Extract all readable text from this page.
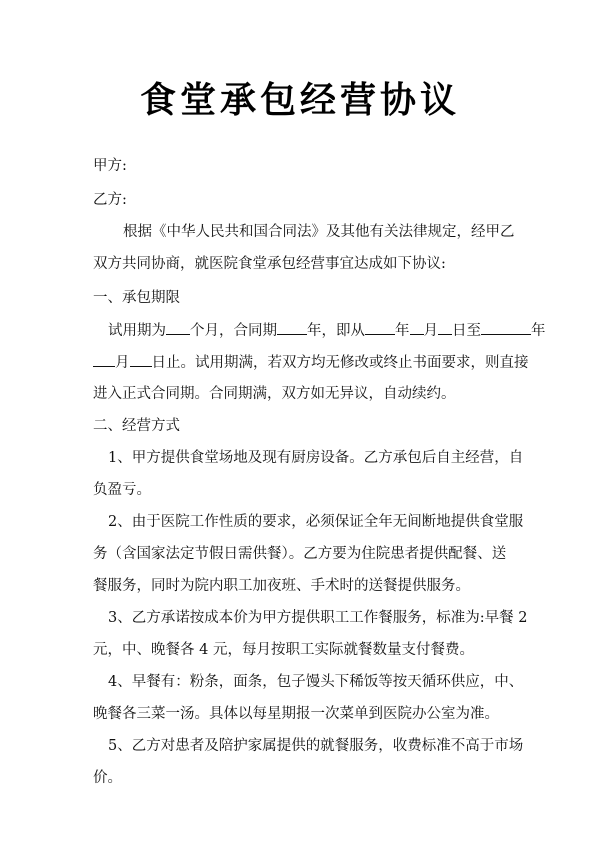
食堂承包经营协议
甲方:
乙方:
根据《中华人民共和国合同法》及其他有关法律规定，经甲乙
双方共同协商，就医院食堂承包经营事宜达成如下协议:
一、承包期限
试用期为 个月，合同期 年，即从 年 月 日至	年
月 日止。试用期满，若双方均无修改或终止书面要求，则直接
进入正式合同期。合同期满，双方如无异议，自动续约。
二、经营方式
1、甲方提供食堂场地及现有厨房设备。乙方承包后自主经营，自
负盈亏。
2、由于医院工作性质的要求，必须保证全年无间断地提供食堂服
务（含国家法定节假日需供餐）。乙方要为住院患者提供配餐、送
餐服务，同时为院内职工加夜班、手术时的送餐提供服务。
3、乙方承诺按成本价为甲方提供职工工作餐服务，标准为:早餐 2
元，中、晚餐各 4 元，每月按职工实际就餐数量支付餐费。
4、早餐有：粉条，面条，包子馒头下稀饭等按天循环供应，中、
晚餐各三菜一汤。具体以每星期报一次菜单到医院办公室为准。
5、乙方对患者及陪护家属提供的就餐服务，收费标准不高于市场
价。
